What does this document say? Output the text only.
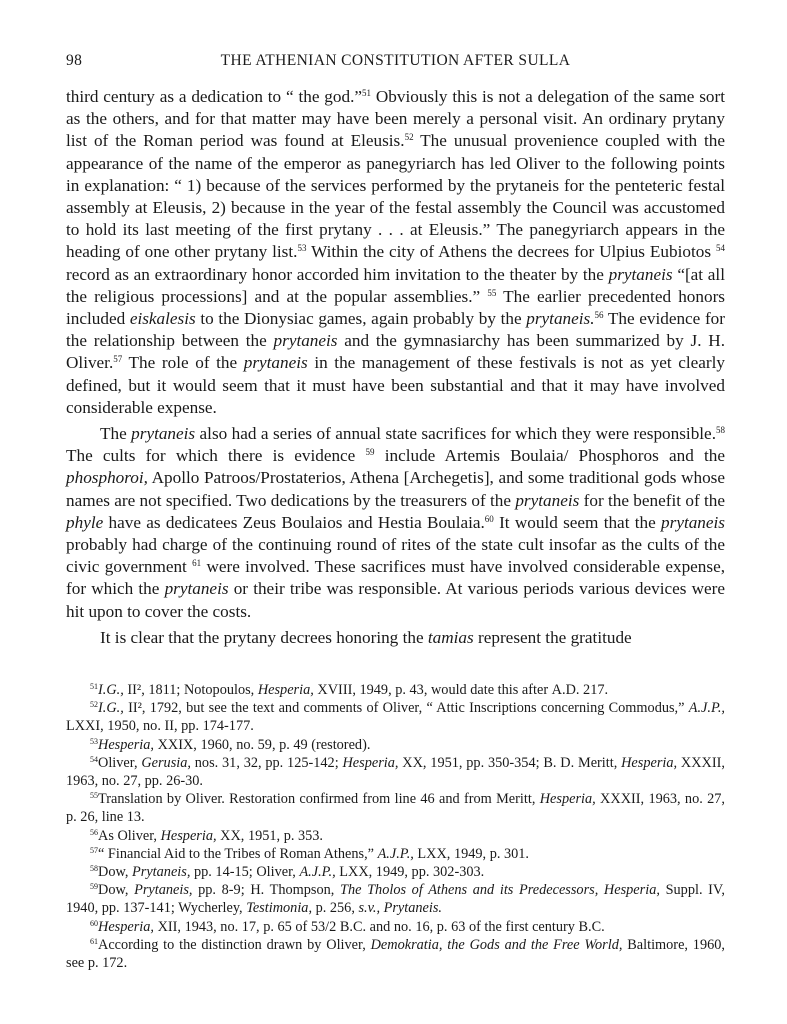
98	THE ATHENIAN CONSTITUTION AFTER SULLA

third century as a dedication to “ the god.”$^{51}$ Obviously this is not a delegation of the same sort as the others, and for that matter may have been merely a personal visit. An ordinary prytany list of the Roman period was found at Eleusis.$^{52}$ The unusual provenience coupled with the appearance of the name of the emperor as panegyriarch has led Oliver to the following points in explanation: “ 1) because of the services performed by the prytaneis for the penteteric festal assembly at Eleusis, 2) because in the year of the festal assembly the Council was accustomed to hold its last meeting of the first prytany . . . at Eleusis.” The panegyriarch appears in the heading of one other prytany list.$^{53}$ Within the city of Athens the decrees for Ulpius Eubiotos $^{54}$ record as an extraordinary honor accorded him invitation to the theater by the prytaneis “[at all the religious processions] and at the popular assemblies.” $^{55}$ The earlier precedented honors included eiskalesis to the Dionysiac games, again probably by the prytaneis.$^{56}$ The evidence for the relationship between the prytaneis and the gymnasiarchy has been summarized by J. H. Oliver.$^{57}$ The role of the prytaneis in the management of these festivals is not as yet clearly defined, but it would seem that it must have been substantial and that it may have involved considerable expense.

The prytaneis also had a series of annual state sacrifices for which they were responsible.$^{58}$ The cults for which there is evidence $^{59}$ include Artemis Boulaia/ Phosphoros and the phosphoroi, Apollo Patroos/Prostaterios, Athena [Archegetis], and some traditional gods whose names are not specified. Two dedications by the treasurers of the prytaneis for the benefit of the phyle have as dedicatees Zeus Boulaios and Hestia Boulaia.$^{60}$ It would seem that the prytaneis probably had charge of the continuing round of rites of the state cult insofar as the cults of the civic government $^{61}$ were involved. These sacrifices must have involved considerable expense, for which the prytaneis or their tribe was responsible. At various periods various devices were hit upon to cover the costs.

It is clear that the prytany decrees honoring the tamias represent the gratitude

$^{51}$I.G., II², 1811; Notopoulos, Hesperia, XVIII, 1949, p. 43, would date this after A.D. 217.

$^{52}$I.G., II², 1792, but see the text and comments of Oliver, “ Attic Inscriptions concerning Commodus,” A.J.P., LXXI, 1950, no. II, pp. 174-177.

$^{53}$Hesperia, XXIX, 1960, no. 59, p. 49 (restored).

$^{54}$Oliver, Gerusia, nos. 31, 32, pp. 125-142; Hesperia, XX, 1951, pp. 350-354; B. D. Meritt, Hesperia, XXXII, 1963, no. 27, pp. 26-30.

$^{55}$Translation by Oliver. Restoration confirmed from line 46 and from Meritt, Hesperia, XXXII, 1963, no. 27, p. 26, line 13.

$^{56}$As Oliver, Hesperia, XX, 1951, p. 353.

$^{57}$“ Financial Aid to the Tribes of Roman Athens,” A.J.P., LXX, 1949, p. 301.

$^{58}$Dow, Prytaneis, pp. 14-15; Oliver, A.J.P., LXX, 1949, pp. 302-303.

$^{59}$Dow, Prytaneis, pp. 8-9; H. Thompson, The Tholos of Athens and its Predecessors, Hesperia, Suppl. IV, 1940, pp. 137-141; Wycherley, Testimonia, p. 256, s.v., Prytaneis.

$^{60}$Hesperia, XII, 1943, no. 17, p. 65 of 53/2 B.C. and no. 16, p. 63 of the first century B.C.

$^{61}$According to the distinction drawn by Oliver, Demokratia, the Gods and the Free World, Baltimore, 1960, see p. 172.
